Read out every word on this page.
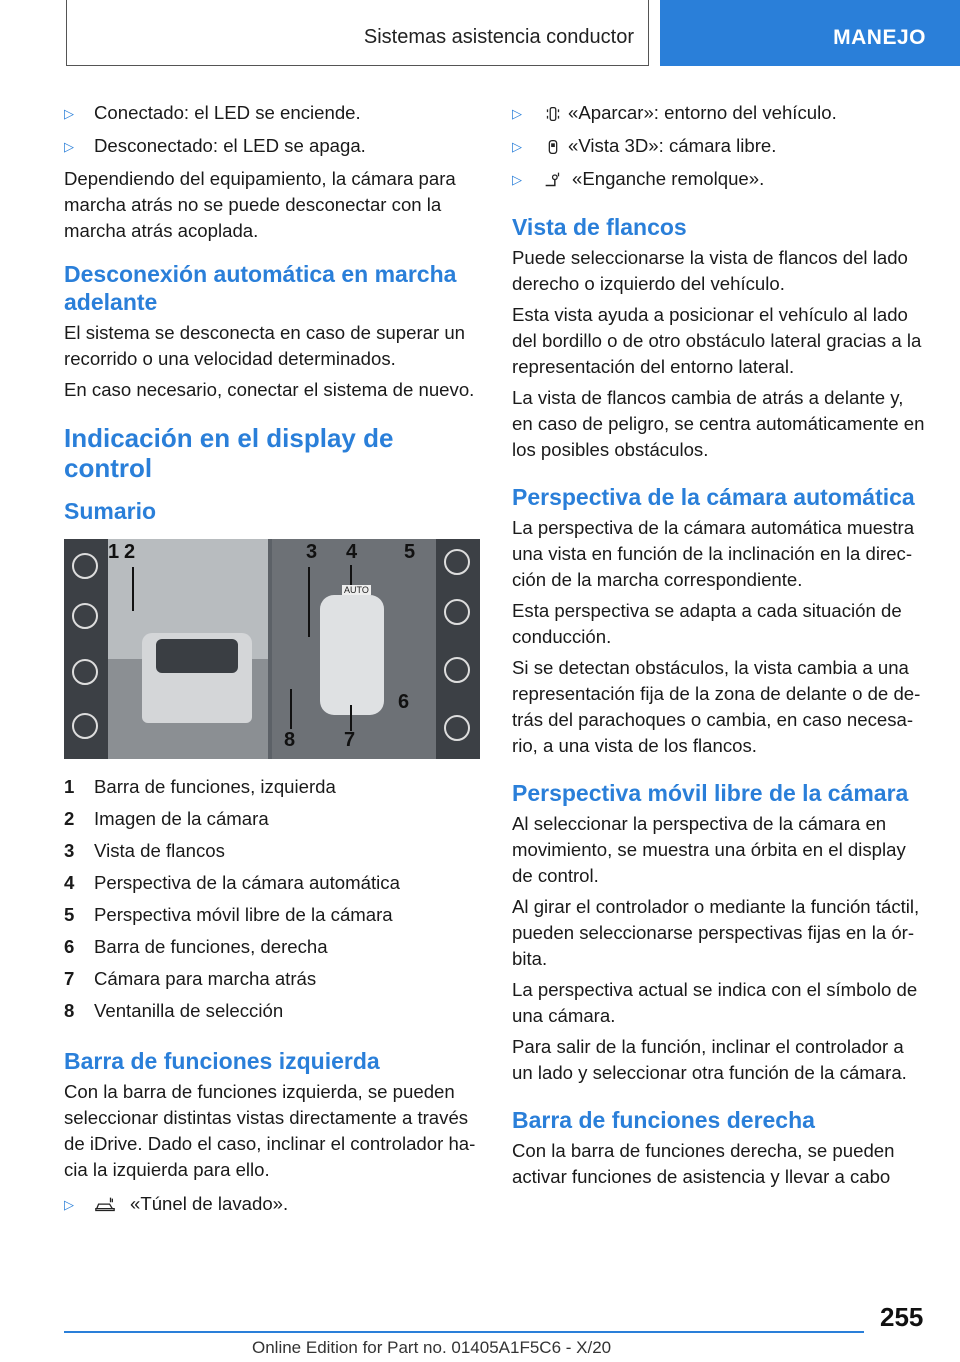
Sistemas asistencia conductor	MANEJO
▷	Conectado: el LED se enciende.
▷	Desconectado: el LED se apaga.

Dependiendo del equipamiento, la cámara para marcha atrás no se puede desconectar con la marcha atrás acoplada.

Desconexión automática en marcha adelante

El sistema se desconecta en caso de superar un recorrido o una velocidad determinados.

En caso necesario, conectar el sistema de nuevo.

Indicación en el display de control
Sumario
1 2	3 4 5
6
7
8
AUTO
1	Barra de funciones, izquierda
2	Imagen de la cámara
3	Vista de flancos
4	Perspectiva de la cámara automática
5	Perspectiva móvil libre de la cámara
6	Barra de funciones, derecha
7	Cámara para marcha atrás
8	Ventanilla de selección
Barra de funciones izquierda

Con la barra de funciones izquierda, se pueden seleccionar distintas vistas directamente a través de iDrive. Dado el caso, inclinar el controlador ha- cia la izquierda para ello.

▷	«Túnel de lavado».
▷	«Aparcar»: entorno del vehículo.
▷	«Vista 3D»: cámara libre.
▷	«Enganche remolque».
Vista de flancos

Puede seleccionarse la vista de flancos del lado derecho o izquierdo del vehículo.

Esta vista ayuda a posicionar el vehículo al lado del bordillo o de otro obstáculo lateral gracias a la representación del entorno lateral.

La vista de flancos cambia de atrás a delante y, en caso de peligro, se centra automáticamente en los posibles obstáculos.

Perspectiva de la cámara automática

La perspectiva de la cámara automática muestra una vista en función de la inclinación en la direc- ción de la marcha correspondiente.

Esta perspectiva se adapta a cada situación de conducción.

Si se detectan obstáculos, la vista cambia a una representación fija de la zona de delante o de de- trás del parachoques o cambia, en caso necesa- rio, a una vista de los flancos.

Perspectiva móvil libre de la cámara

Al seleccionar la perspectiva de la cámara en movimiento, se muestra una órbita en el display de control.

Al girar el controlador o mediante la función táctil, pueden seleccionarse perspectivas fijas en la ór- bita.

La perspectiva actual se indica con el símbolo de una cámara.

Para salir de la función, inclinar el controlador a un lado y seleccionar otra función de la cámara.

Barra de funciones derecha

Con la barra de funciones derecha, se pueden activar funciones de asistencia y llevar a cabo

255
Online Edition for Part no. 01405A1F5C6 - X/20
